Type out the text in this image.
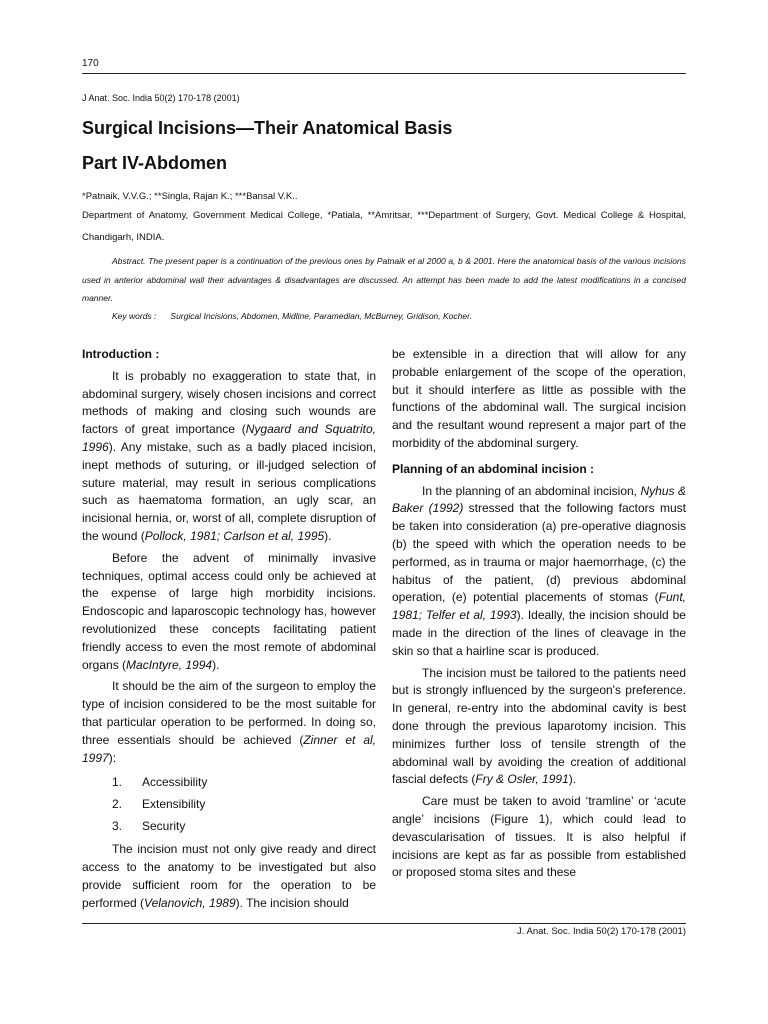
170
J Anat. Soc. India 50(2) 170-178 (2001)
Surgical Incisions—Their Anatomical Basis
Part IV-Abdomen
*Patnaik, V.V.G.; **Singla, Rajan K.; ***Bansal V.K..
Department of Anatomy, Government Medical College, *Patiala, **Amritsar, ***Department of Surgery, Govt. Medical College & Hospital, Chandigarh, INDIA.
Abstract. The present paper is a continuation of the previous ones by Patnaik et al 2000 a, b & 2001. Here the anatomical basis of the various incisions used in anterior abdominal wall their advantages & disadvantages are discussed. An attempt has been made to add the latest modifications in a concised manner.
Key words : Surgical Incisions, Abdomen, Midline, Paramedian, McBurney, Gridison, Kocher.
Introduction :

It is probably no exaggeration to state that, in abdominal surgery, wisely chosen incisions and correct methods of making and closing such wounds are factors of great importance (Nygaard and Squatrito, 1996). Any mistake, such as a badly placed incision, inept methods of suturing, or ill-judged selection of suture material, may result in serious complications such as haematoma formation, an ugly scar, an incisional hernia, or, worst of all, complete disruption of the wound (Pollock, 1981; Carlson et al, 1995).

Before the advent of minimally invasive techniques, optimal access could only be achieved at the expense of large high morbidity incisions. Endoscopic and laparoscopic technology has, however revolutionized these concepts facilitating patient friendly access to even the most remote of abdominal organs (MacIntyre, 1994).

It should be the aim of the surgeon to employ the type of incision considered to be the most suitable for that particular operation to be performed. In doing so, three essentials should be achieved (Zinner et al, 1997):

1. Accessibility
2. Extensibility
3. Security

The incision must not only give ready and direct access to the anatomy to be investigated but also provide sufficient room for the operation to be performed (Velanovich, 1989). The incision should

be extensible in a direction that will allow for any probable enlargement of the scope of the operation, but it should interfere as little as possible with the functions of the abdominal wall. The surgical incision and the resultant wound represent a major part of the morbidity of the abdominal surgery.

Planning of an abdominal incision :

In the planning of an abdominal incision, Nyhus & Baker (1992) stressed that the following factors must be taken into consideration (a) pre-operative diagnosis (b) the speed with which the operation needs to be performed, as in trauma or major haemorrhage, (c) the habitus of the patient, (d) previous abdominal operation, (e) potential placements of stomas (Funt, 1981; Telfer et al, 1993). Ideally, the incision should be made in the direction of the lines of cleavage in the skin so that a hairline scar is produced.

The incision must be tailored to the patients need but is strongly influenced by the surgeon's preference. In general, re-entry into the abdominal cavity is best done through the previous laparotomy incision. This minimizes further loss of tensile strength of the abdominal wall by avoiding the creation of additional fascial defects (Fry & Osler, 1991).

Care must be taken to avoid ‘tramline’ or ‘acute angle’ incisions (Figure 1), which could lead to devascularisation of tissues. It is also helpful if incisions are kept as far as possible from established or proposed stoma sites and these

J. Anat. Soc. India 50(2) 170-178 (2001)
